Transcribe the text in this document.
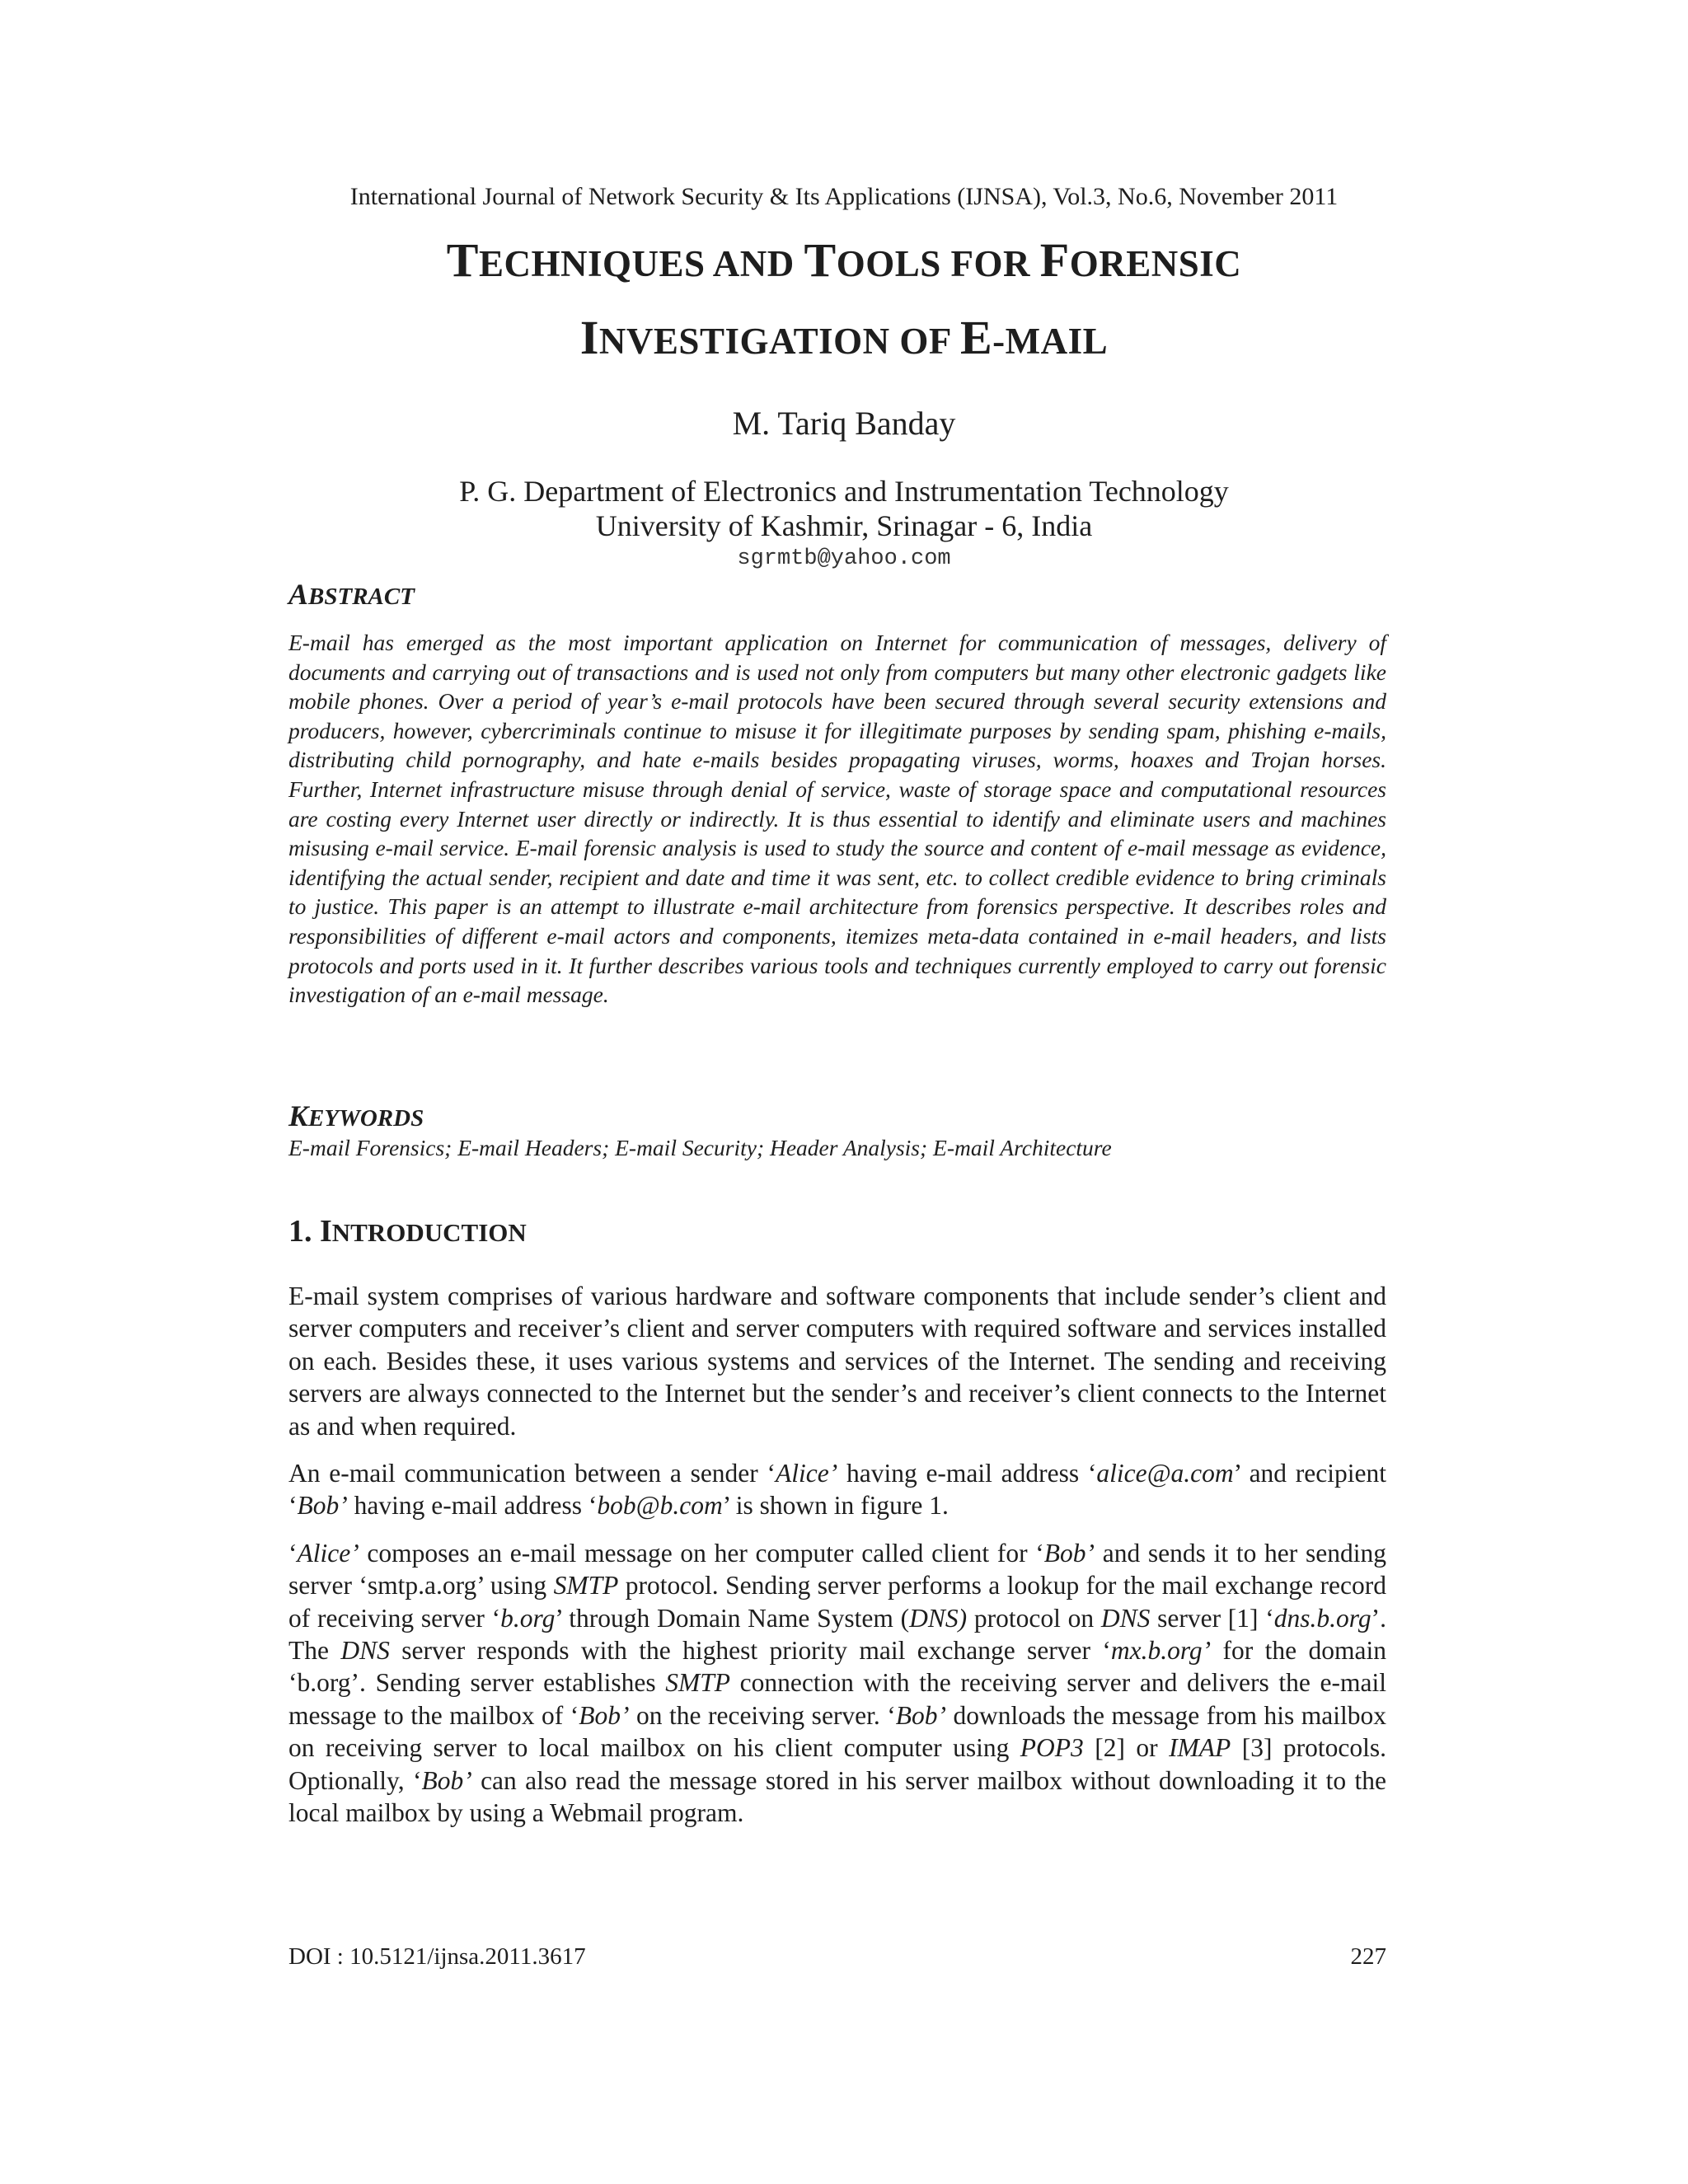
International Journal of Network Security & Its Applications (IJNSA), Vol.3, No.6, November 2011
TECHNIQUES AND TOOLS FOR FORENSIC
INVESTIGATION OF E-MAIL
M. Tariq Banday
P. G. Department of Electronics and Instrumentation Technology
University of Kashmir, Srinagar - 6, India
sgrmtb@yahoo.com
ABSTRACT
E-mail has emerged as the most important application on Internet for communication of messages, delivery of documents and carrying out of transactions and is used not only from computers but many other electronic gadgets like mobile phones. Over a period of year’s e-mail protocols have been secured through several security extensions and producers, however, cybercriminals continue to misuse it for illegitimate purposes by sending spam, phishing e-mails, distributing child pornography, and hate e-mails besides propagating viruses, worms, hoaxes and Trojan horses. Further, Internet infrastructure misuse through denial of service, waste of storage space and computational resources are costing every Internet user directly or indirectly. It is thus essential to identify and eliminate users and machines misusing e-mail service. E-mail forensic analysis is used to study the source and content of e-mail message as evidence, identifying the actual sender, recipient and date and time it was sent, etc. to collect credible evidence to bring criminals to justice. This paper is an attempt to illustrate e-mail architecture from forensics perspective. It describes roles and responsibilities of different e-mail actors and components, itemizes meta-data contained in e-mail headers, and lists protocols and ports used in it. It further describes various tools and techniques currently employed to carry out forensic investigation of an e-mail message.
KEYWORDS
E-mail Forensics; E-mail Headers; E-mail Security; Header Analysis; E-mail Architecture
1. INTRODUCTION

E-mail system comprises of various hardware and software components that include sender’s client and server computers and receiver’s client and server computers with required software and services installed on each. Besides these, it uses various systems and services of the Internet. The sending and receiving servers are always connected to the Internet but the sender’s and receiver’s client connects to the Internet as and when required.

An e-mail communication between a sender ‘Alice’ having e-mail address ‘alice@a.com’ and recipient ‘Bob’ having e-mail address ‘bob@b.com’ is shown in figure 1.

‘Alice’ composes an e-mail message on her computer called client for ‘Bob’ and sends it to her sending server ‘smtp.a.org’ using SMTP protocol. Sending server performs a lookup for the mail exchange record of receiving server ‘b.org’ through Domain Name System (DNS) protocol on DNS server [1] ‘dns.b.org’. The DNS server responds with the highest priority mail exchange server ‘mx.b.org’ for the domain ‘b.org’. Sending server establishes SMTP connection with the receiving server and delivers the e-mail message to the mailbox of ‘Bob’ on the receiving server. ‘Bob’ downloads the message from his mailbox on receiving server to local mailbox on his client computer using POP3 [2] or IMAP [3] protocols. Optionally, ‘Bob’ can also read the message stored in his server mailbox without downloading it to the local mailbox by using a Webmail program.

DOI : 10.5121/ijnsa.2011.3617	227
